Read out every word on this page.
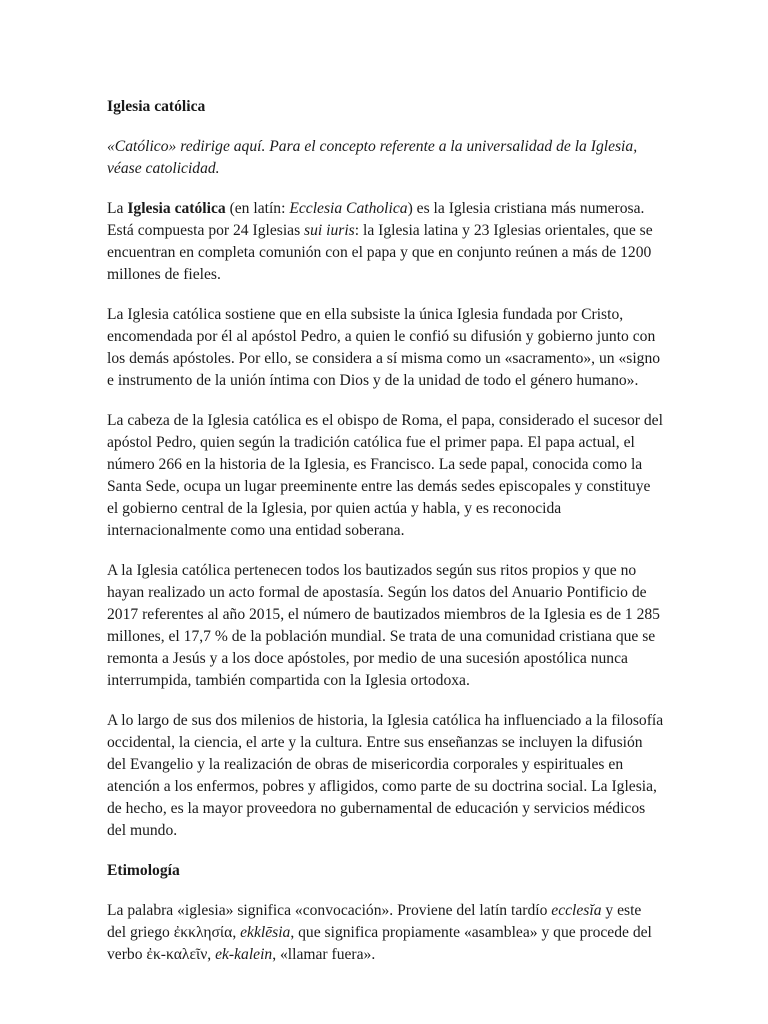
Iglesia católica

«Católico» redirige aquí. Para el concepto referente a la universalidad de la Iglesia, véase catolicidad.

La Iglesia católica (en latín: Ecclesia Catholica) es la Iglesia cristiana más numerosa. Está compuesta por 24 Iglesias sui iuris: la Iglesia latina y 23 Iglesias orientales, que se encuentran en completa comunión con el papa y que en conjunto reúnen a más de 1200 millones de fieles.

La Iglesia católica sostiene que en ella subsiste la única Iglesia fundada por Cristo, encomendada por él al apóstol Pedro, a quien le confió su difusión y gobierno junto con los demás apóstoles. Por ello, se considera a sí misma como un «sacramento», un «signo e instrumento de la unión íntima con Dios y de la unidad de todo el género humano».

La cabeza de la Iglesia católica es el obispo de Roma, el papa, considerado el sucesor del apóstol Pedro, quien según la tradición católica fue el primer papa. El papa actual, el número 266 en la historia de la Iglesia, es Francisco. La sede papal, conocida como la Santa Sede, ocupa un lugar preeminente entre las demás sedes episcopales y constituye el gobierno central de la Iglesia, por quien actúa y habla, y es reconocida internacionalmente como una entidad soberana.

A la Iglesia católica pertenecen todos los bautizados según sus ritos propios y que no hayan realizado un acto formal de apostasía. Según los datos del Anuario Pontificio de 2017 referentes al año 2015, el número de bautizados miembros de la Iglesia es de 1 285 millones, el 17,7 % de la población mundial. Se trata de una comunidad cristiana que se remonta a Jesús y a los doce apóstoles, por medio de una sucesión apostólica nunca interrumpida, también compartida con la Iglesia ortodoxa.

A lo largo de sus dos milenios de historia, la Iglesia católica ha influenciado a la filosofía occidental, la ciencia, el arte y la cultura. Entre sus enseñanzas se incluyen la difusión del Evangelio y la realización de obras de misericordia corporales y espirituales en atención a los enfermos, pobres y afligidos, como parte de su doctrina social. La Iglesia, de hecho, es la mayor proveedora no gubernamental de educación y servicios médicos del mundo.

Etimología

La palabra «iglesia» significa «convocación». Proviene del latín tardío ecclesĭa y este del griego ἐκκλησία, ekklēsia, que significa propiamente «asamblea» y que procede del verbo ἐκ-καλεῖν, ek-kalein, «llamar fuera».
